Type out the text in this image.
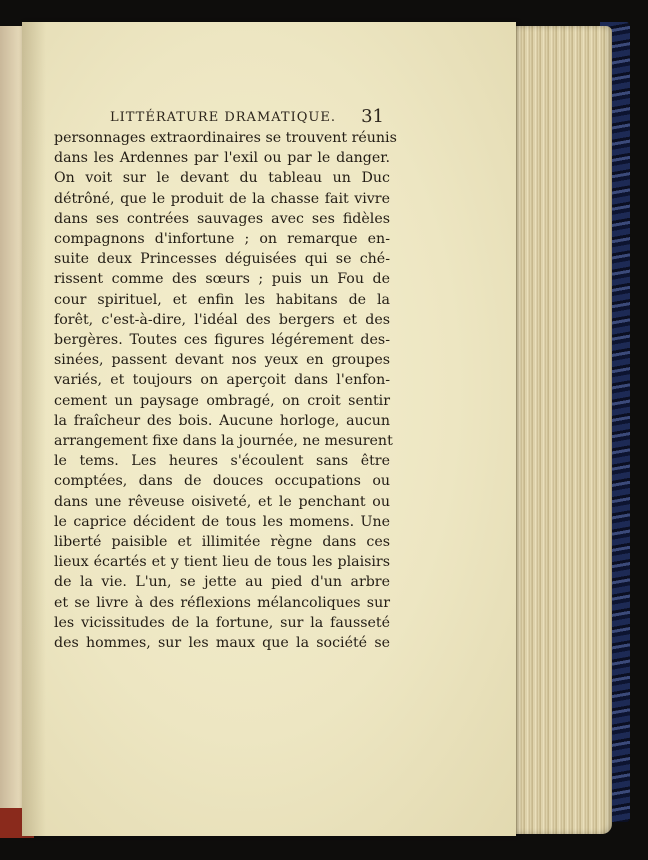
LITTÉRATURE DRAMATIQUE. 31
personnages extraordinaires se trouvent réunis
dans les Ardennes par l'exil ou par le danger.
On voit sur le devant du tableau un Duc
détrôné, que le produit de la chasse fait vivre
dans ses contrées sauvages avec ses fidèles
compagnons d'infortune ; on remarque en-
suite deux Princesses déguisées qui se ché-
rissent comme des sœurs ; puis un Fou de
cour spirituel, et enfin les habitans de la
forêt, c'est-à-dire, l'idéal des bergers et des
bergères. Toutes ces figures légérement des-
sinées, passent devant nos yeux en groupes
variés, et toujours on aperçoit dans l'enfon-
cement un paysage ombragé, on croit sentir
la fraîcheur des bois. Aucune horloge, aucun
arrangement fixe dans la journée, ne mesurent
le tems. Les heures s'écoulent sans être
comptées, dans de douces occupations ou
dans une rêveuse oisiveté, et le penchant ou
le caprice décident de tous les momens. Une
liberté paisible et illimitée règne dans ces
lieux écartés et y tient lieu de tous les plaisirs
de la vie. L'un, se jette au pied d'un arbre
et se livre à des réflexions mélancoliques sur
les vicissitudes de la fortune, sur la fausseté
des hommes, sur les maux que la société se
